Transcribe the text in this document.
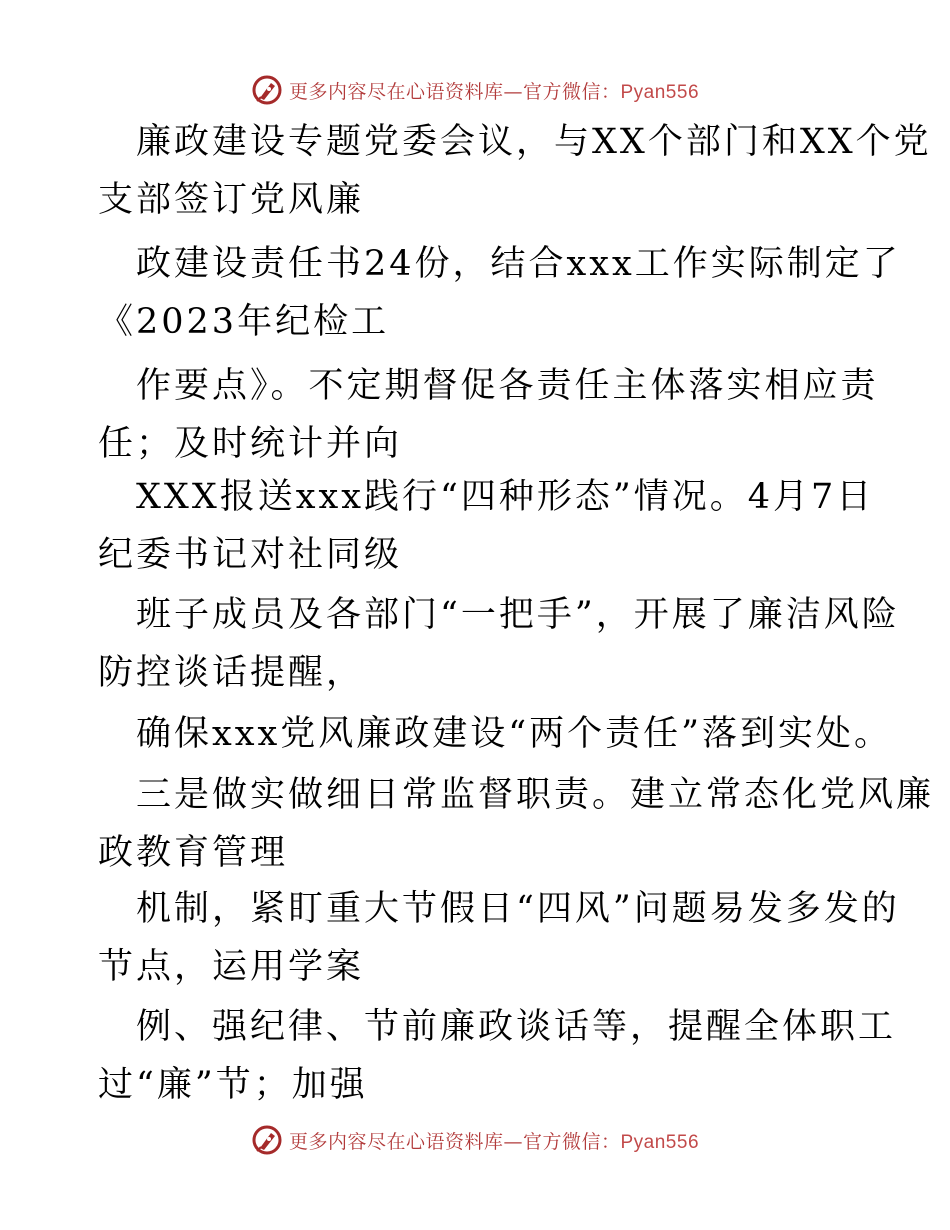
更多内容尽在心语资料库—官方微信：Pyan556
廉政建设专题党委会议，与XX个部门和XX个党
支部签订党风廉
政建设责任书24份，结合xxx工作实际制定了
《2023年纪检工
作要点》。不定期督促各责任主体落实相应责
任；及时统计并向
XXX报送xxx践行“四种形态”情况。4月7日
纪委书记对社同级
班子成员及各部门“一把手”，开展了廉洁风险
防控谈话提醒，
确保xxx党风廉政建设“两个责任”落到实处。
三是做实做细日常监督职责。建立常态化党风廉
政教育管理
机制，紧盯重大节假日“四风”问题易发多发的
节点，运用学案
例、强纪律、节前廉政谈话等，提醒全体职工
过“廉”节；加强
更多内容尽在心语资料库—官方微信：Pyan556
